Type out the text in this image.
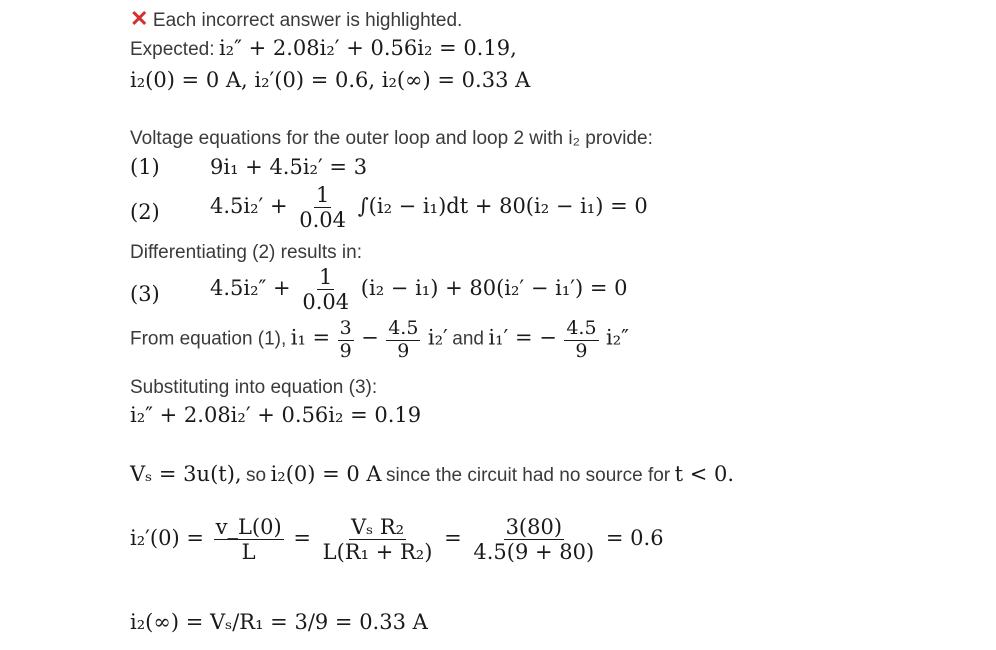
✕ Each incorrect answer is highlighted.
Expected: i₂″ + 2.08i₂′ + 0.56i₂ = 0.19,
i₂(0) = 0 A, i₂′(0) = 0.6, i₂(∞) = 0.33 A
Voltage equations for the outer loop and loop 2 with i₂ provide:
(1) 9i₁ + 4.5i₂′ = 3
(2) $4.5i_2' + \frac{1}{0.04} \int(i_2 - i_1)dt + 80(i_2 - i_1) = 0$
Differentiating (2) results in:
(3) $4.5i_2'' + \frac{1}{0.04} (i_2 - i_1) + 80(i_2' - i_1') = 0$
From equation (1), $i_1 = \frac{3}{9} - \frac{4.5}{9} i_2'$ and i₁′ = − $\frac{4.5}{9} i_2''$
Substituting into equation (3):
i₂″ + 2.08i₂′ + 0.56i₂ = 0.19
Vₛ = 3u(t), so i₂(0) = 0 A since the circuit had no source for t < 0.
$i_2'(0) = \frac{v\_L(0)}{L} = \frac{\text{Vₛ R₂}}{\text{L(R₁ + R₂)}} = \frac{3(80)}{4.5(9 + 80)} = 0.6$
i₂(∞) = Vₛ/R₁ = 3/9 = 0.33 A
